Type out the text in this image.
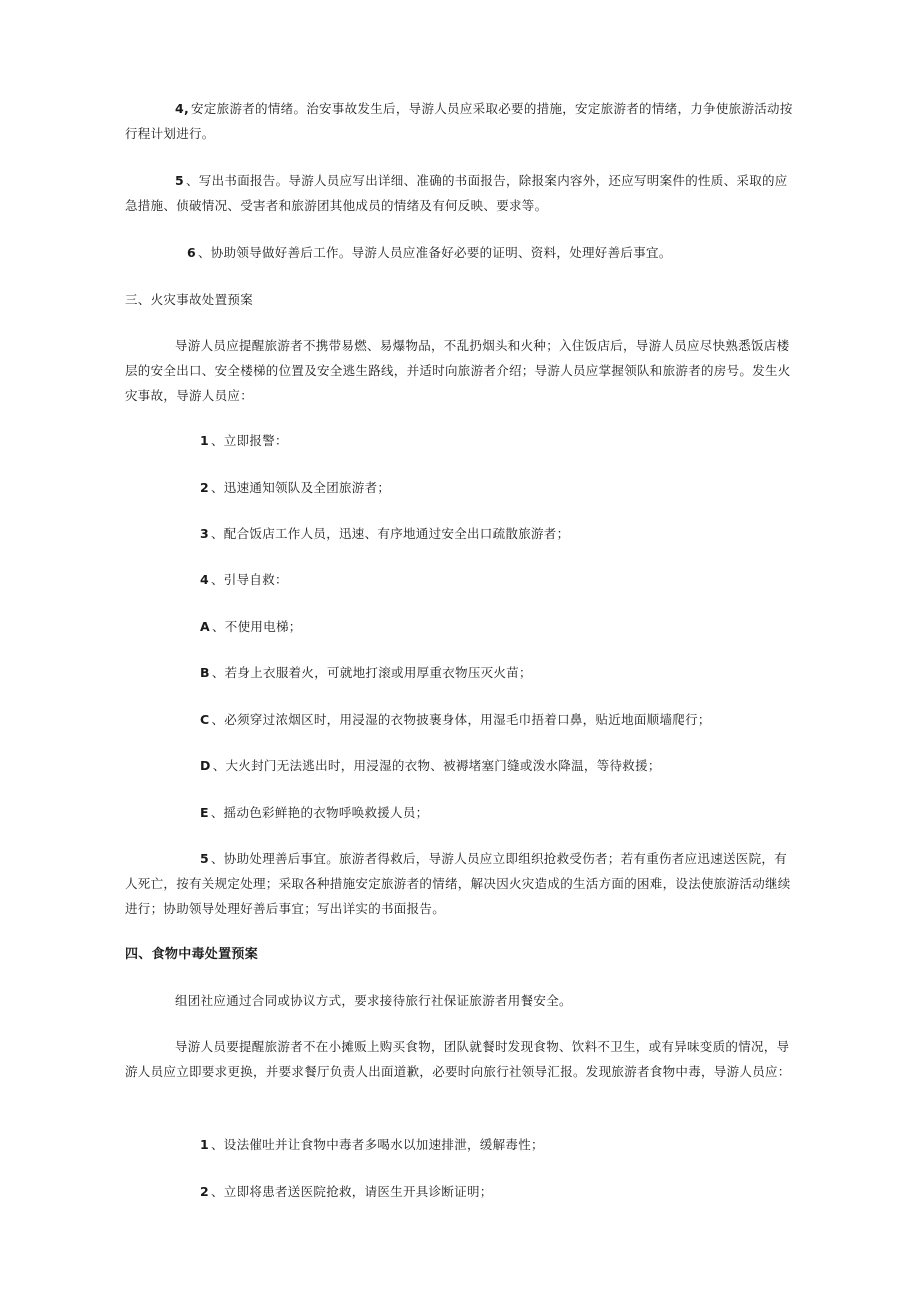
4, 安定旅游者的情绪。治安事故发生后，导游人员应采取必要的措施，安定旅游者的情绪，力争使旅游活动按行程计划进行。
5 、写出书面报告。导游人员应写出详细、准确的书面报告，除报案内容外，还应写明案件的性质、采取的应急措施、侦破情况、受害者和旅游团其他成员的情绪及有何反映、要求等。
6 、协助领导做好善后工作。导游人员应准备好必要的证明、资料，处理好善后事宜。
三、火灾事故处置预案
导游人员应提醒旅游者不携带易燃、易爆物品，不乱扔烟头和火种；入住饭店后，导游人员应尽快熟悉饭店楼层的安全出口、安全楼梯的位置及安全逃生路线，并适时向旅游者介绍；导游人员应掌握领队和旅游者的房号。发生火灾事故，导游人员应：
1 、立即报警：
2 、迅速通知领队及全团旅游者；
3 、配合饭店工作人员，迅速、有序地通过安全出口疏散旅游者；
4 、引导自救：
A 、不使用电梯；
B 、若身上衣服着火，可就地打滚或用厚重衣物压灭火苗；
C 、必须穿过浓烟区时，用浸湿的衣物披裹身体，用湿毛巾捂着口鼻，贴近地面顺墙爬行；
D 、大火封门无法逃出时，用浸湿的衣物、被褥堵塞门缝或泼水降温，等待救援；
E 、摇动色彩鲜艳的衣物呼唤救援人员；
5 、协助处理善后事宜。旅游者得救后，导游人员应立即组织抢救受伤者；若有重伤者应迅速送医院，有人死亡，按有关规定处理；采取各种措施安定旅游者的情绪，解决因火灾造成的生活方面的困难，设法使旅游活动继续进行；协助领导处理好善后事宜；写出详实的书面报告。
四、食物中毒处置预案
组团社应通过合同或协议方式，要求接待旅行社保证旅游者用餐安全。
导游人员要提醒旅游者不在小摊贩上购买食物，团队就餐时发现食物、饮料不卫生，或有异味变质的情况，导游人员应立即要求更换，并要求餐厅负责人出面道歉，必要时向旅行社领导汇报。发现旅游者食物中毒，导游人员应：
1 、设法催吐并让食物中毒者多喝水以加速排泄，缓解毒性；
2 、立即将患者送医院抢救，请医生开具诊断证明；
